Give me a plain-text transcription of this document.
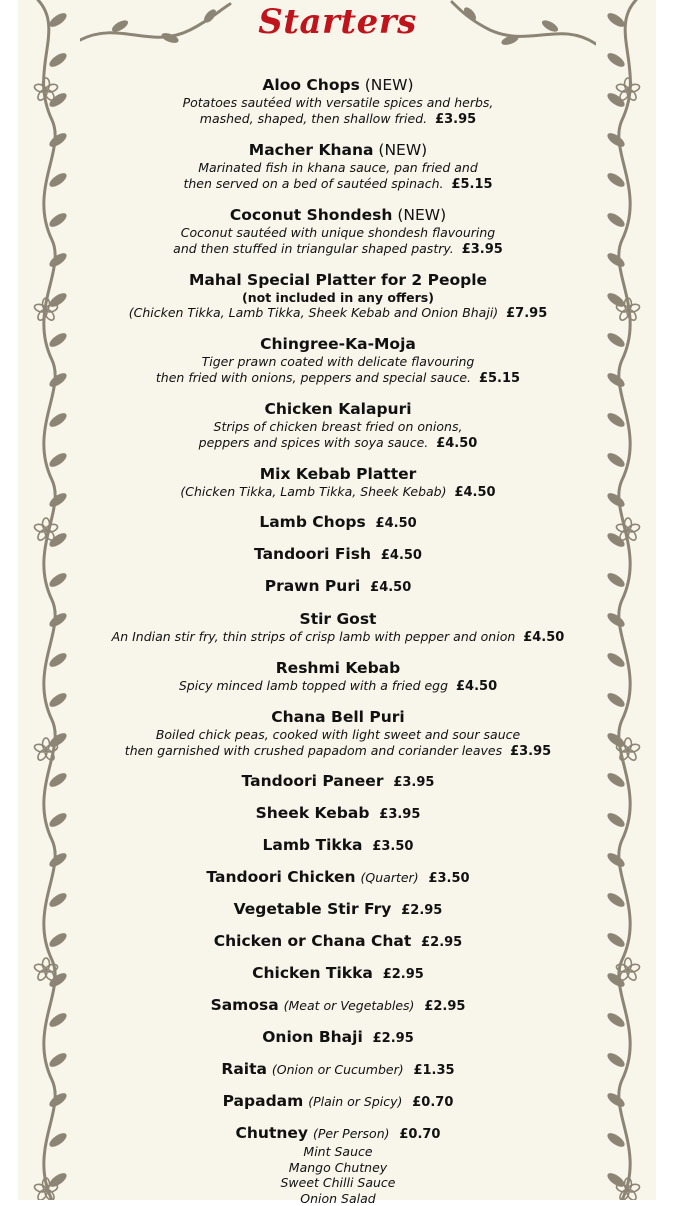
Starters
Aloo Chops (NEW)
Potatoes sautéed with versatile spices and herbs,
mashed, shaped, then shallow fried. £3.95
Macher Khana (NEW)
Marinated fish in khana sauce, pan fried and
then served on a bed of sautéed spinach. £5.15
Coconut Shondesh (NEW)
Coconut sautéed with unique shondesh flavouring
and then stuffed in triangular shaped pastry. £3.95
Mahal Special Platter for 2 People
(not included in any offers)
(Chicken Tikka, Lamb Tikka, Sheek Kebab and Onion Bhaji) £7.95
Chingree-Ka-Moja
Tiger prawn coated with delicate flavouring
then fried with onions, peppers and special sauce. £5.15
Chicken Kalapuri
Strips of chicken breast fried on onions,
peppers and spices with soya sauce. £4.50
Mix Kebab Platter
(Chicken Tikka, Lamb Tikka, Sheek Kebab) £4.50
Lamb Chops £4.50
Tandoori Fish £4.50
Prawn Puri £4.50
Stir Gost
An Indian stir fry, thin strips of crisp lamb with pepper and onion £4.50
Reshmi Kebab
Spicy minced lamb topped with a fried egg £4.50
Chana Bell Puri
Boiled chick peas, cooked with light sweet and sour sauce
then garnished with crushed papadom and coriander leaves £3.95
Tandoori Paneer £3.95
Sheek Kebab £3.95
Lamb Tikka £3.50
Tandoori Chicken (Quarter) £3.50
Vegetable Stir Fry £2.95
Chicken or Chana Chat £2.95
Chicken Tikka £2.95
Samosa (Meat or Vegetables) £2.95
Onion Bhaji £2.95
Raita (Onion or Cucumber) £1.35
Papadam (Plain or Spicy) £0.70
Chutney (Per Person) £0.70
Mint Sauce
Mango Chutney
Sweet Chilli Sauce
Onion Salad
